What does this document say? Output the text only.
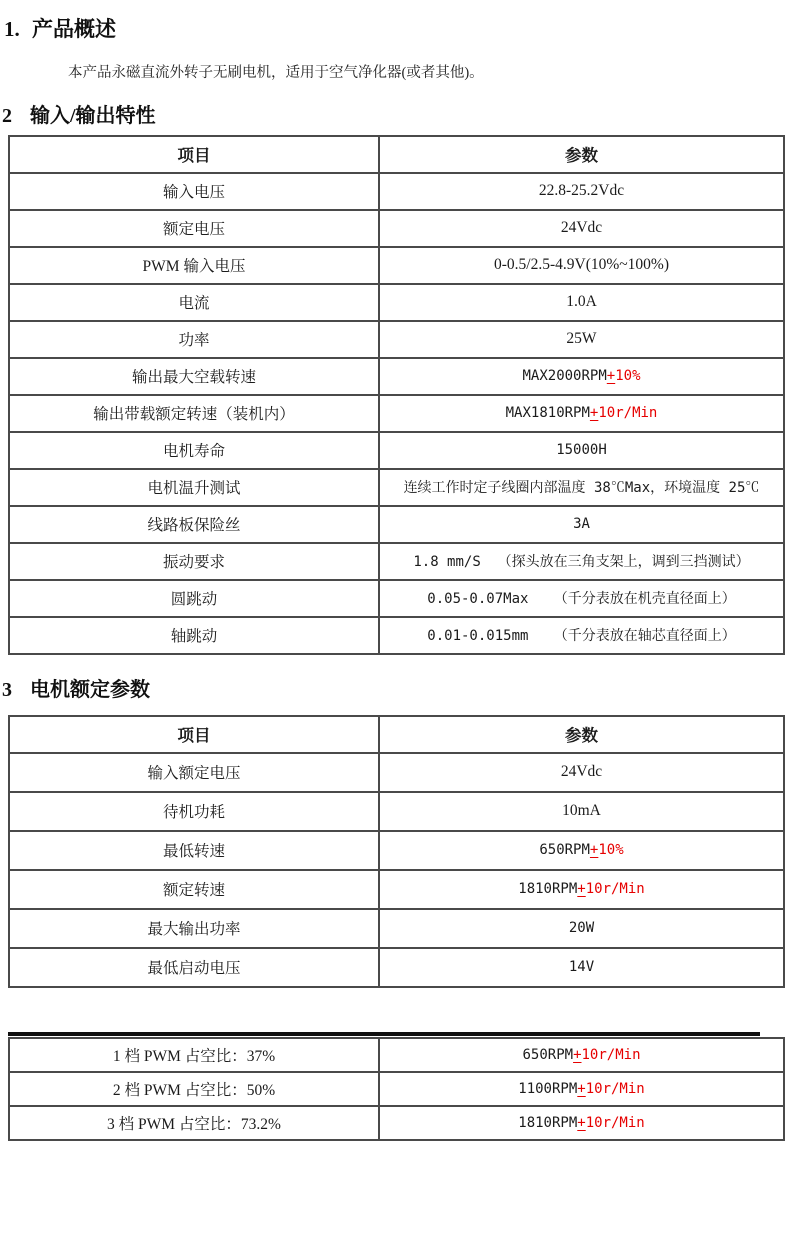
1. 产品概述

本产品永磁直流外转子无刷电机，适用于空气净化器(或者其他)。

2 输入/输出特性
项目	参数
输入电压	22.8-25.2Vdc
额定电压	24Vdc
PWM 输入电压	0-0.5/2.5-4.9V(10%~100%)
电流	1.0A
功率	25W
输出最大空载转速	MAX2000RPM+10%
输出带载额定转速（装机内）	MAX1810RPM+10r/Min
电机寿命	15000H
电机温升测试	连续工作时定子线圈内部温度 38℃Max，环境温度 25℃
线路板保险丝	3A
振动要求	1.8 mm/S  （探头放在三角支架上，调到三挡测试）
圆跳动	0.05-0.07Max   （千分表放在机壳直径面上）
轴跳动	0.01-0.015mm   （千分表放在轴芯直径面上）
3 电机额定参数
项目	参数
输入额定电压	24Vdc
待机功耗	10mA
最低转速	650RPM+10%
额定转速	1810RPM+10r/Min
最大输出功率	20W
最低启动电压	14V
1 档 PWM 占空比：37%	650RPM+10r/Min
2 档 PWM 占空比：50%	1100RPM+10r/Min
3 档 PWM 占空比：73.2%	1810RPM+10r/Min
